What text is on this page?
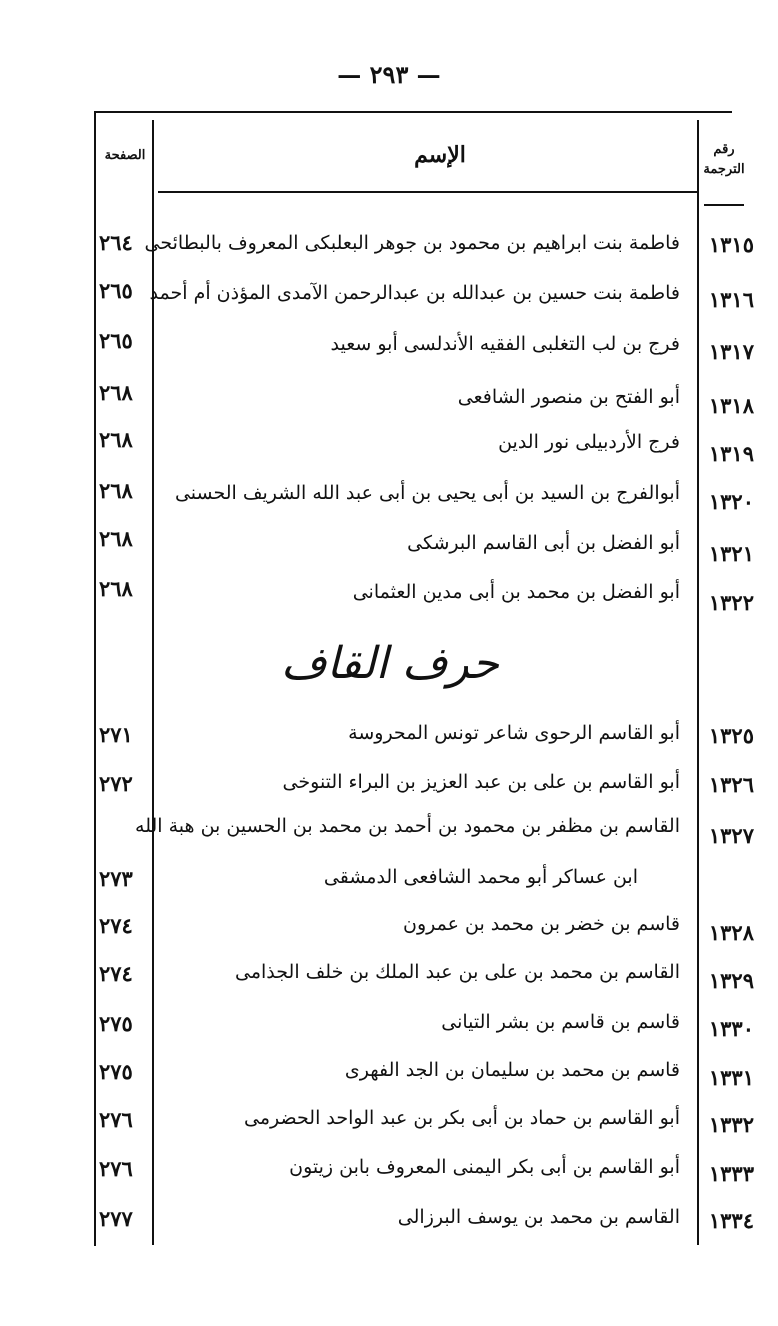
— ٢٩٣ —
الصفحة	الإسم	رقم
الترجمة
١٣١٥
فاطمة بنت ابراهيم بن محمود بن جوهر البعلبكى المعروف بالبطائحى
٢٦٤
١٣١٦
فاطمة بنت حسين بن عبدالله بن عبدالرحمن الآمدى المؤذن أم أحمد
٢٦٥
١٣١٧
فرج بن لب التغلبى الفقيه الأندلسى أبو سعيد
٢٦٥
١٣١٨
أبو الفتح بن منصور الشافعى
٢٦٨
١٣١٩
فرج الأردبيلى نور الدين
٢٦٨
١٣٢٠
أبوالفرج بن السيد بن أبى يحيى بن أبى عبد الله الشريف الحسنى
٢٦٨
١٣٢١
أبو الفضل بن أبى القاسم البرشكى
٢٦٨
١٣٢٢
أبو الفضل بن محمد بن أبى مدين العثمانى
٢٦٨
حرف القاف
١٣٢٥
أبو القاسم الرحوى شاعر تونس المحروسة
٢٧١
١٣٢٦
أبو القاسم بن على بن عبد العزيز بن البراء التنوخى
٢٧٢
١٣٢٧
القاسم بن مظفر بن محمود بن أحمد بن محمد بن الحسين بن هبة الله
ابن عساكر أبو محمد الشافعى الدمشقى
٢٧٣
١٣٢٨
قاسم بن خضر بن محمد بن عمرون
٢٧٤
١٣٢٩
القاسم بن محمد بن على بن عبد الملك بن خلف الجذامى
٢٧٤
١٣٣٠
قاسم بن قاسم بن بشر التيانى
٢٧٥
١٣٣١
قاسم بن محمد بن سليمان بن الجد الفهرى
٢٧٥
١٣٣٢
أبو القاسم بن حماد بن أبى بكر بن عبد الواحد الحضرمى
٢٧٦
١٣٣٣
أبو القاسم بن أبى بكر اليمنى المعروف بابن زيتون
٢٧٦
١٣٣٤
القاسم بن محمد بن يوسف البرزالى
٢٧٧
